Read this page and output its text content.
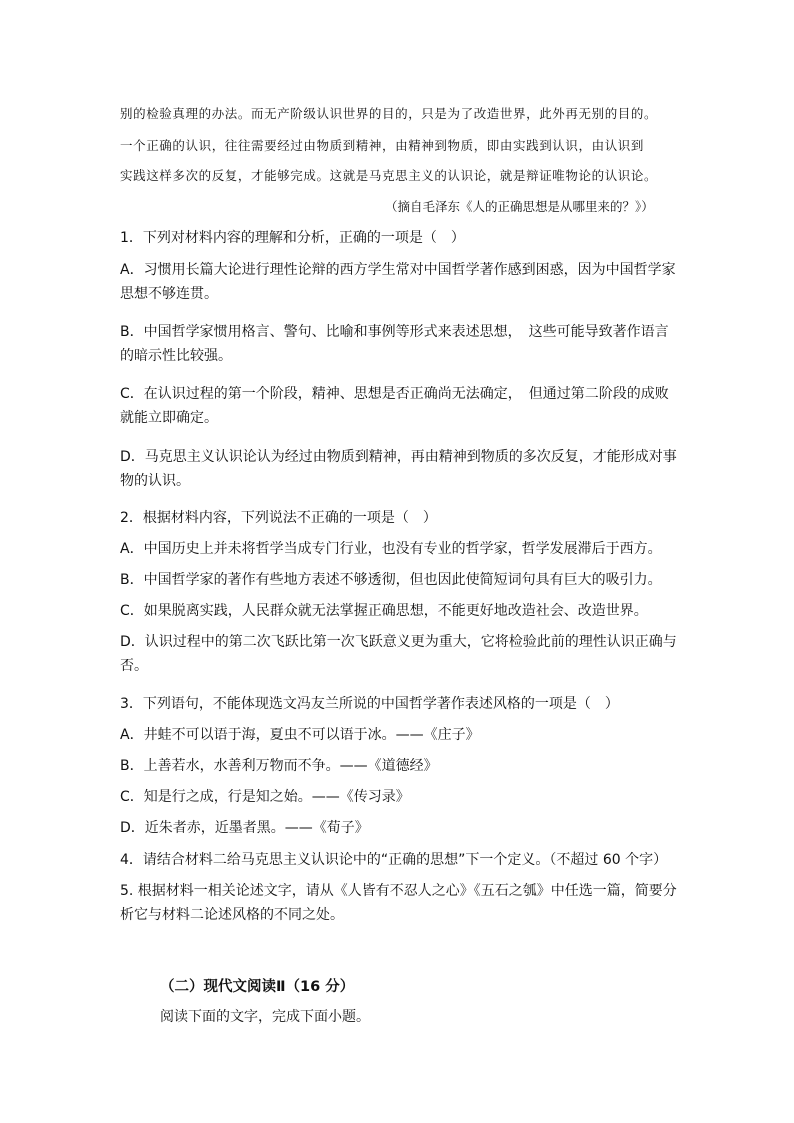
别的检验真理的办法。而无产阶级认识世界的目的，只是为了改造世界，此外再无别的目的。
一个正确的认识，往往需要经过由物质到精神，由精神到物质，即由实践到认识，由认识到
实践这样多次的反复，才能够完成。这就是马克思主义的认识论，就是辩证唯物论的认识论。
（摘自毛泽东《人的正确思想是从哪里来的？》）
1．下列对材料内容的理解和分析，正确的一项是（　）
A．习惯用长篇大论进行理性论辩的西方学生常对中国哲学著作感到困惑，因为中国哲学家思想不够连贯。
B．中国哲学家惯用格言、警句、比喻和事例等形式来表述思想，　这些可能导致著作语言的暗示性比较强。
C．在认识过程的第一个阶段，精神、思想是否正确尚无法确定，　但通过第二阶段的成败就能立即确定。
D．马克思主义认识论认为经过由物质到精神，再由精神到物质的多次反复，才能形成对事物的认识。
2．根据材料内容，下列说法不正确的一项是（　）
A．中国历史上并未将哲学当成专门行业，也没有专业的哲学家，哲学发展滞后于西方。
B．中国哲学家的著作有些地方表述不够透彻，但也因此使简短词句具有巨大的吸引力。
C．如果脱离实践，人民群众就无法掌握正确思想，不能更好地改造社会、改造世界。
D．认识过程中的第二次飞跃比第一次飞跃意义更为重大，它将检验此前的理性认识正确与否。
3．下列语句，不能体现选文冯友兰所说的中国哲学著作表述风格的一项是（　）
A．井蛙不可以语于海，夏虫不可以语于冰。——《庄子》
B．上善若水，水善利万物而不争。——《道德经》
C．知是行之成，行是知之始。——《传习录》
D．近朱者赤，近墨者黑。——《荀子》
4．请结合材料二给马克思主义认识论中的“正确的思想”下一个定义。（不超过 60 个字）
5. 根据材料一相关论述文字，请从《人皆有不忍人之心》《五石之瓠》中任选一篇，简要分析它与材料二论述风格的不同之处。
（二）现代文阅读Ⅱ（16 分）
阅读下面的文字，完成下面小题。
